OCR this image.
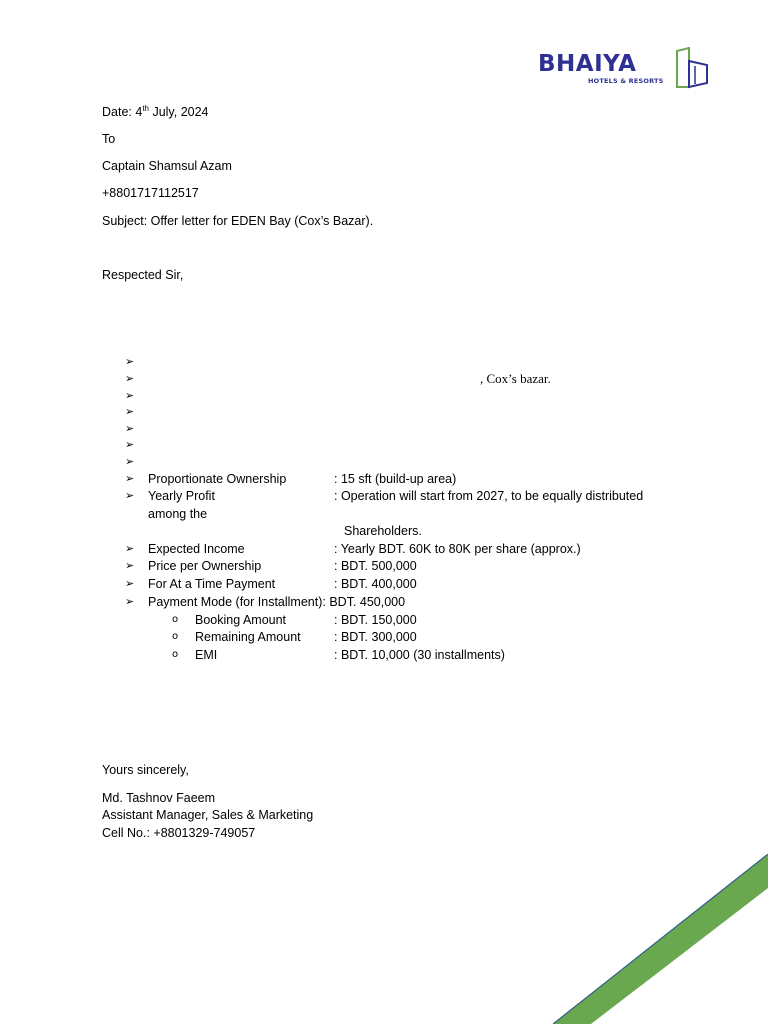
BHAIYA
HOTELS & RESORTS
Date: 4th July, 2024
To
Captain Shamsul Azam
+8801717112517
Subject: Offer letter for EDEN Bay (Cox’s Bazar).
Respected Sir,
➢
➢	, Cox’s bazar.
➢
➢
➢
➢
➢
➢ Proportionate Ownership	: 15 sft (build-up area)
➢ Yearly Profit	: Operation will start from 2027, to be equally distributed
among the
Shareholders.
➢ Expected Income	: Yearly BDT. 60K to 80K per share (approx.)
➢ Price per Ownership	: BDT. 500,000
➢ For At a Time Payment	: BDT. 400,000
➢ Payment Mode (for Installment): BDT. 450,000
o Booking Amount	: BDT. 150,000
o Remaining Amount	: BDT. 300,000
o EMI	: BDT. 10,000 (30 installments)
Yours sincerely,
Md. Tashnov Faeem
Assistant Manager, Sales & Marketing
Cell No.: +8801329-749057
